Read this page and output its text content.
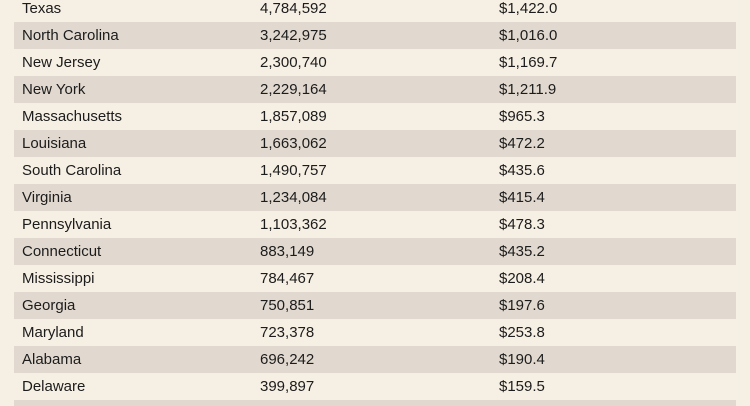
Texas	4,784,592	$1,422.0
North Carolina	3,242,975	$1,016.0
New Jersey	2,300,740	$1,169.7
New York	2,229,164	$1,211.9
Massachusetts	1,857,089	$965.3
Louisiana	1,663,062	$472.2
South Carolina	1,490,757	$435.6
Virginia	1,234,084	$415.4
Pennsylvania	1,103,362	$478.3
Connecticut	883,149	$435.2
Mississippi	784,467	$208.4
Georgia	750,851	$197.6
Maryland	723,378	$253.8
Alabama	696,242	$190.4
Delaware	399,897	$159.5
